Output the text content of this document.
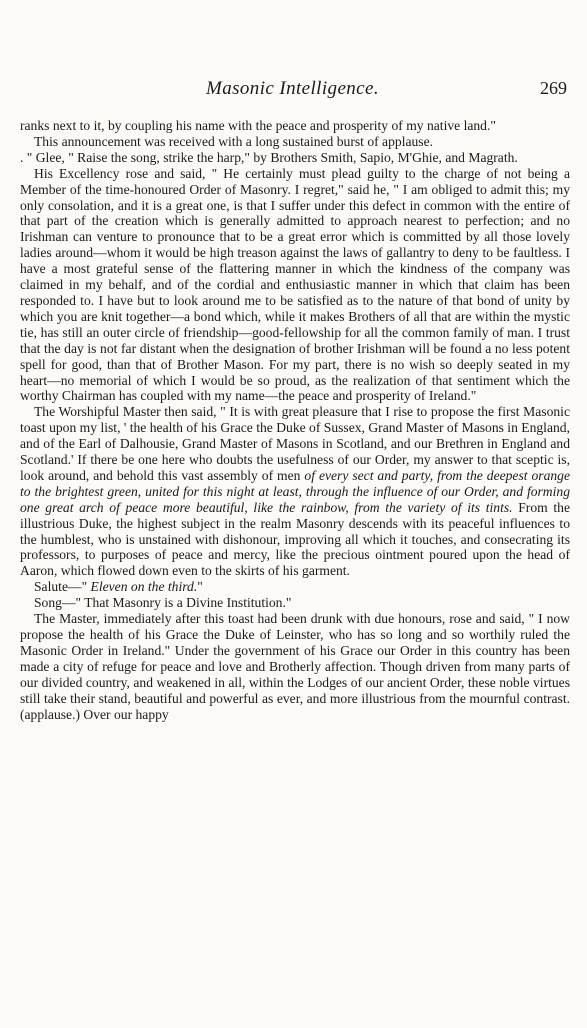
Masonic Intelligence.	269

ranks next to it, by coupling his name with the peace and prosperity of my native land."

This announcement was received with a long sustained burst of applause.

. " Glee, " Raise the song, strike the harp," by Brothers Smith, Sapio, M'Ghie, and Magrath.

His Excellency rose and said, " He certainly must plead guilty to the charge of not being a Member of the time-honoured Order of Masonry. I regret," said he, " I am obliged to admit this; my only consolation, and it is a great one, is that I suffer under this defect in common with the entire of that part of the creation which is generally admitted to approach nearest to perfection; and no Irishman can venture to pronounce that to be a great error which is committed by all those lovely ladies around—whom it would be high treason against the laws of gallantry to deny to be faultless. I have a most grateful sense of the flattering manner in which the kindness of the company was claimed in my behalf, and of the cordial and enthusiastic manner in which that claim has been responded to. I have but to look around me to be satisfied as to the nature of that bond of unity by which you are knit together—a bond which, while it makes Brothers of all that are within the mystic tie, has still an outer circle of friendship—good-fellowship for all the common family of man. I trust that the day is not far distant when the designation of brother Irishman will be found a no less potent spell for good, than that of Brother Mason. For my part, there is no wish so deeply seated in my heart—no memorial of which I would be so proud, as the realization of that sentiment which the worthy Chairman has coupled with my name—the peace and prosperity of Ireland."

The Worshipful Master then said, " It is with great pleasure that I rise to propose the first Masonic toast upon my list, ' the health of his Grace the Duke of Sussex, Grand Master of Masons in England, and of the Earl of Dalhousie, Grand Master of Masons in Scotland, and our Brethren in England and Scotland.' If there be one here who doubts the usefulness of our Order, my answer to that sceptic is, look around, and behold this vast assembly of men of every sect and party, from the deepest orange to the brightest green, united for this night at least, through the influence of our Order, and forming one great arch of peace more beautiful, like the rainbow, from the variety of its tints. From the illustrious Duke, the highest subject in the realm Masonry descends with its peaceful influences to the humblest, who is unstained with dishonour, improving all which it touches, and consecrating its professors, to purposes of peace and mercy, like the precious ointment poured upon the head of Aaron, which flowed down even to the skirts of his garment.

Salute—" Eleven on the third."

Song—" That Masonry is a Divine Institution."

The Master, immediately after this toast had been drunk with due honours, rose and said, " I now propose the health of his Grace the Duke of Leinster, who has so long and so worthily ruled the Masonic Order in Ireland." Under the government of his Grace our Order in this country has been made a city of refuge for peace and love and Brotherly affection. Though driven from many parts of our divided country, and weakened in all, within the Lodges of our ancient Order, these noble virtues still take their stand, beautiful and powerful as ever, and more illustrious from the mournful contrast. (applause.) Over our happy
